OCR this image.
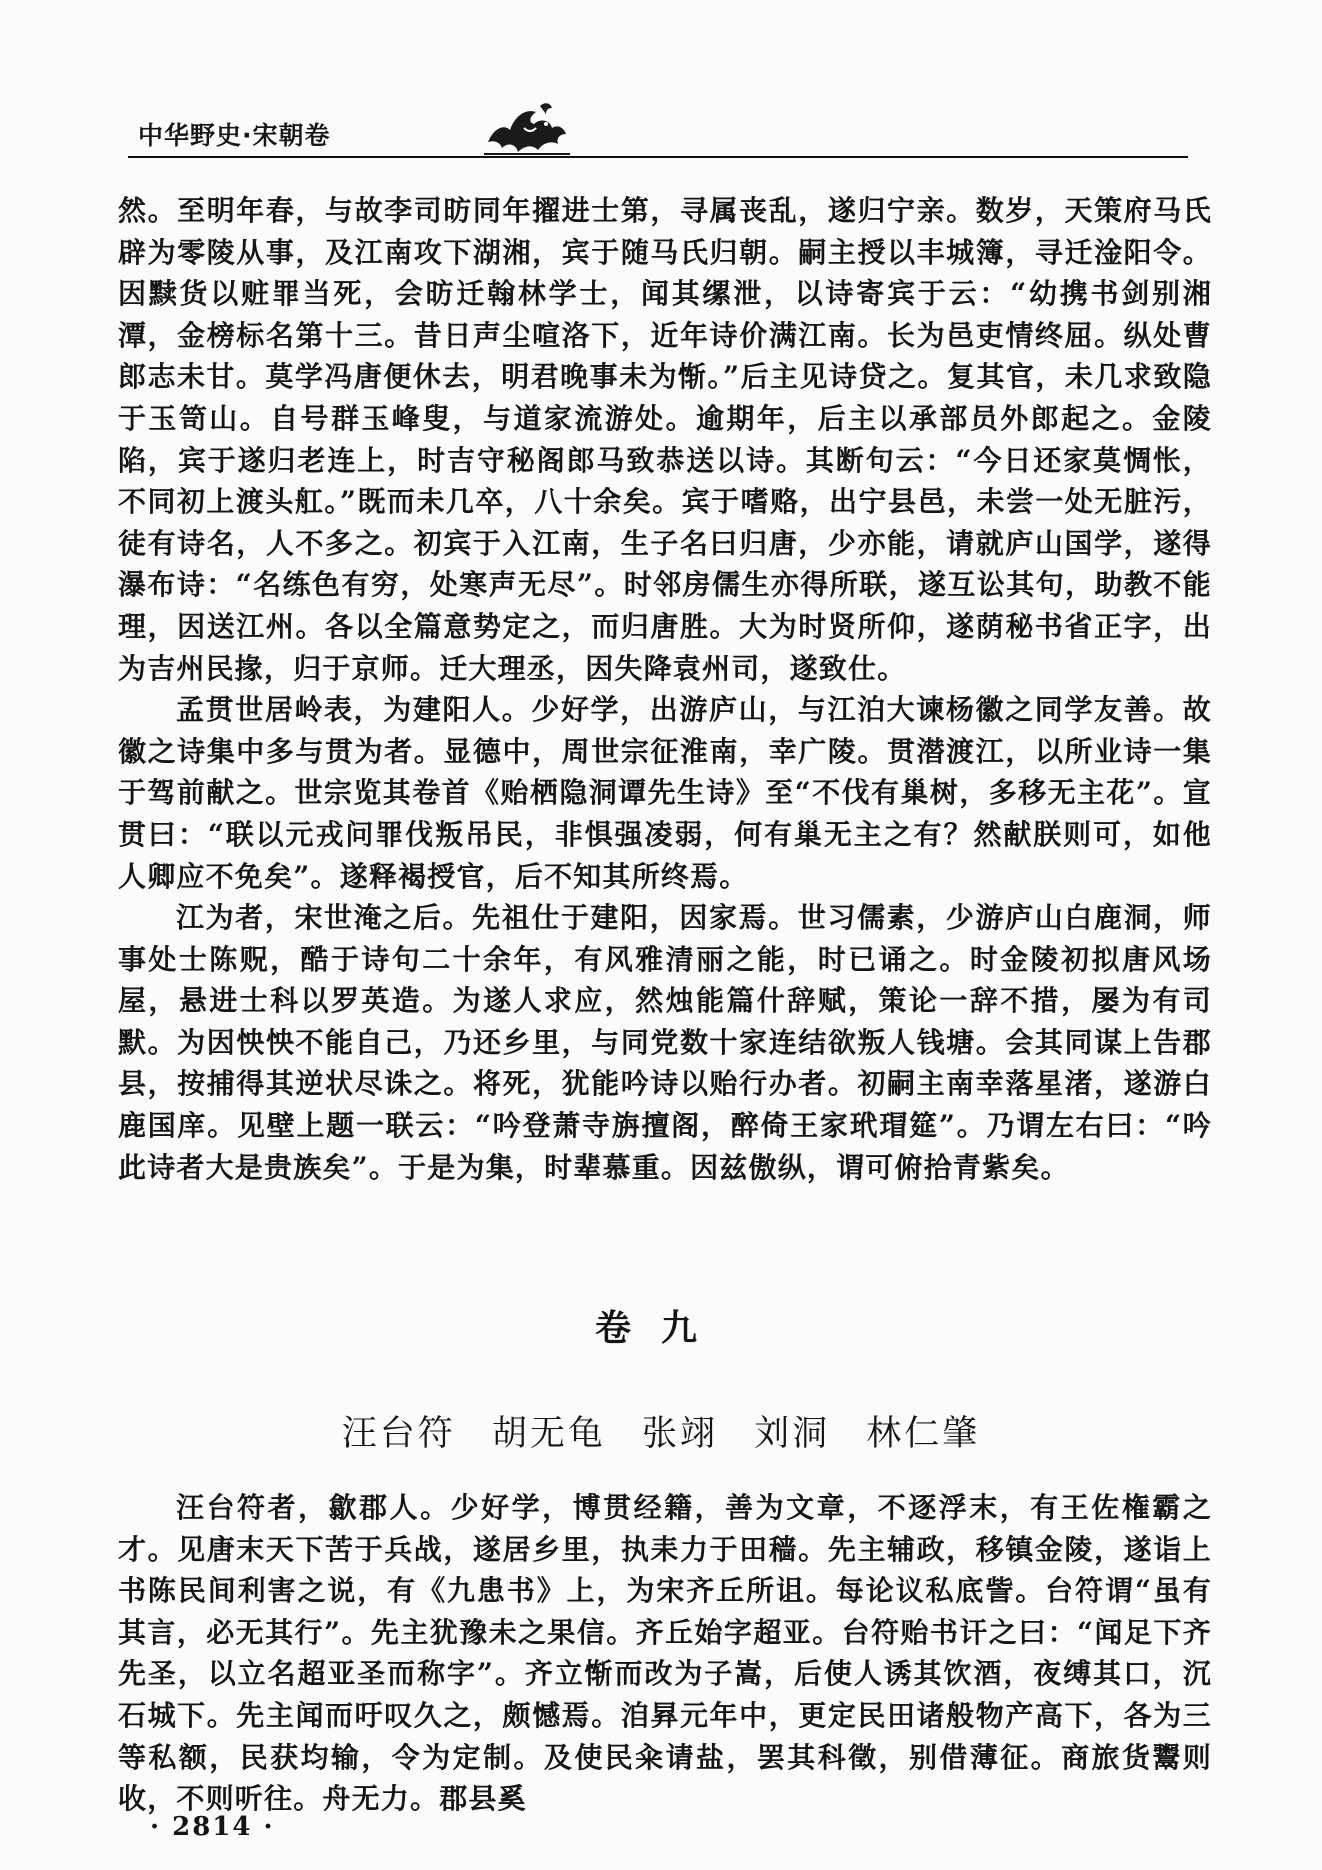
中华野史·宋朝卷

然。至明年春，与故李司昉同年擢进士第，寻属丧乱，遂归宁亲。数岁，天策府马氏辟为零陵从事，及江南攻下湖湘，宾于随马氏归朝。嗣主授以丰城簿，寻迁淦阳令。因黩货以赃罪当死，会昉迁翰林学士，闻其缧泄，以诗寄宾于云：“幼携书剑别湘潭，金榜标名第十三。昔日声尘喧洛下，近年诗价满江南。长为邑吏情终屈。纵处曹郎志未甘。莫学冯唐便休去，明君晚事未为惭。”后主见诗贷之。复其官，未几求致隐于玉笥山。自号群玉峰叟，与道家流游处。逾期年，后主以承部员外郎起之。金陵陷，宾于遂归老连上，时吉守秘阁郎马致恭送以诗。其断句云：“今日还家莫惆怅，不同初上渡头舡。”既而未几卒，八十余矣。宾于嗜赂，出宁县邑，未尝一处无脏污，徒有诗名，人不多之。初宾于入江南，生子名曰归唐，少亦能，请就庐山国学，遂得瀑布诗：“名练色有穷，处寒声无尽”。时邻房儒生亦得所联，遂互讼其句，助教不能理，因送江州。各以全篇意势定之，而归唐胜。大为时贤所仰，遂荫秘书省正字，出为吉州民掾，归于京师。迁大理丞，因失降袁州司，遂致仕。

孟贯世居岭表，为建阳人。少好学，出游庐山，与江泊大谏杨徽之同学友善。故徽之诗集中多与贯为者。显德中，周世宗征淮南，幸广陵。贯潜渡江，以所业诗一集于驾前献之。世宗览其卷首《贻栖隐洞谭先生诗》至“不伐有巢树，多移无主花”。宣贯曰：“联以元戎问罪伐叛吊民，非惧强凌弱，何有巢无主之有？然献朕则可，如他人卿应不免矣”。遂释褐授官，后不知其所终焉。

江为者，宋世淹之后。先祖仕于建阳，因家焉。世习儒素，少游庐山白鹿洞，师事处士陈贶，酷于诗句二十余年，有风雅清丽之能，时已诵之。时金陵初拟唐风场屋，悬进士科以罗英造。为遂人求应，然烛能篇什辞赋，策论一辞不措，屡为有司默。为因怏怏不能自己，乃还乡里，与同党数十家连结欲叛人钱塘。会其同谋上告郡县，按捕得其逆状尽诛之。将死，犹能吟诗以贻行办者。初嗣主南幸落星渚，遂游白鹿国庠。见壁上题一联云：“吟登萧寺旃擅阁，醉倚王家玳瑁筵”。乃谓左右曰：“吟此诗者大是贵族矣”。于是为集，时辈慕重。因兹傲纵，谓可俯拾青紫矣。

卷九
汪台符 胡无龟 张翊 刘洞 林仁肇

汪台符者，歙郡人。少好学，博贯经籍，善为文章，不逐浮末，有王佐権霸之才。见唐末天下苦于兵战，遂居乡里，执耒力于田穑。先主辅政，移镇金陵，遂诣上书陈民间利害之说，有《九患书》上，为宋齐丘所诅。每论议私底訾。台符谓“虽有其言，必无其行”。先主犹豫未之果信。齐丘始字超亚。台符贻书讦之曰：“闻足下齐先圣，以立名超亚圣而称字”。齐立惭而改为子嵩，后使人诱其饮酒，夜缚其口，沉石城下。先主闻而吁叹久之，颇憾焉。洎昪元年中，更定民田诸般物产高下，各为三等私额，民获均输，令为定制。及使民籴请盐，罢其科徵，别借薄征。商旅货鬻则收，不则听往。舟无力。郡县奚

· 2814 ·
